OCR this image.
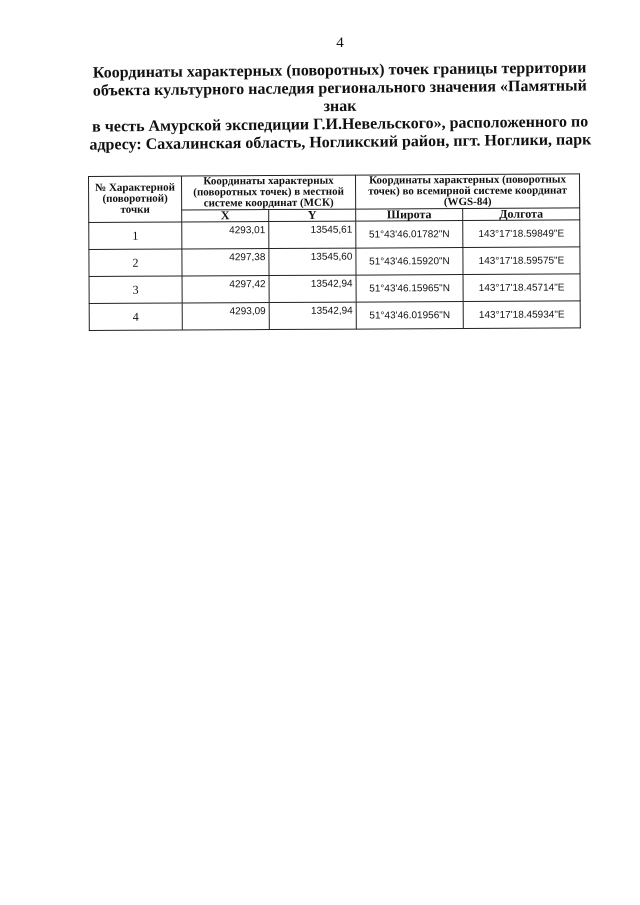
4
Координаты характерных (поворотных) точек границы территории
объекта культурного наследия регионального значения «Памятный знак
в честь Амурской экспедиции Г.И.Невельского», расположенного по
адресу: Сахалинская область, Ногликский район, пгт. Ноглики, парк
№ Характерной (поворотной) точки	Координаты характерных (поворотных точек) в местной системе координат (МСК)		Координаты характерных (поворотных точек) во всемирной системе координат (WGS-84)	
	X	Y	Широта	Долгота
1	4293,01	13545,61	51°43'46.01782"N	143°17'18.59849"E
2	4297,38	13545,60	51°43'46.15920"N	143°17'18.59575"E
3	4297,42	13542,94	51°43'46.15965"N	143°17'18.45714"E
4	4293,09	13542,94	51°43'46.01956"N	143°17'18.45934"E
